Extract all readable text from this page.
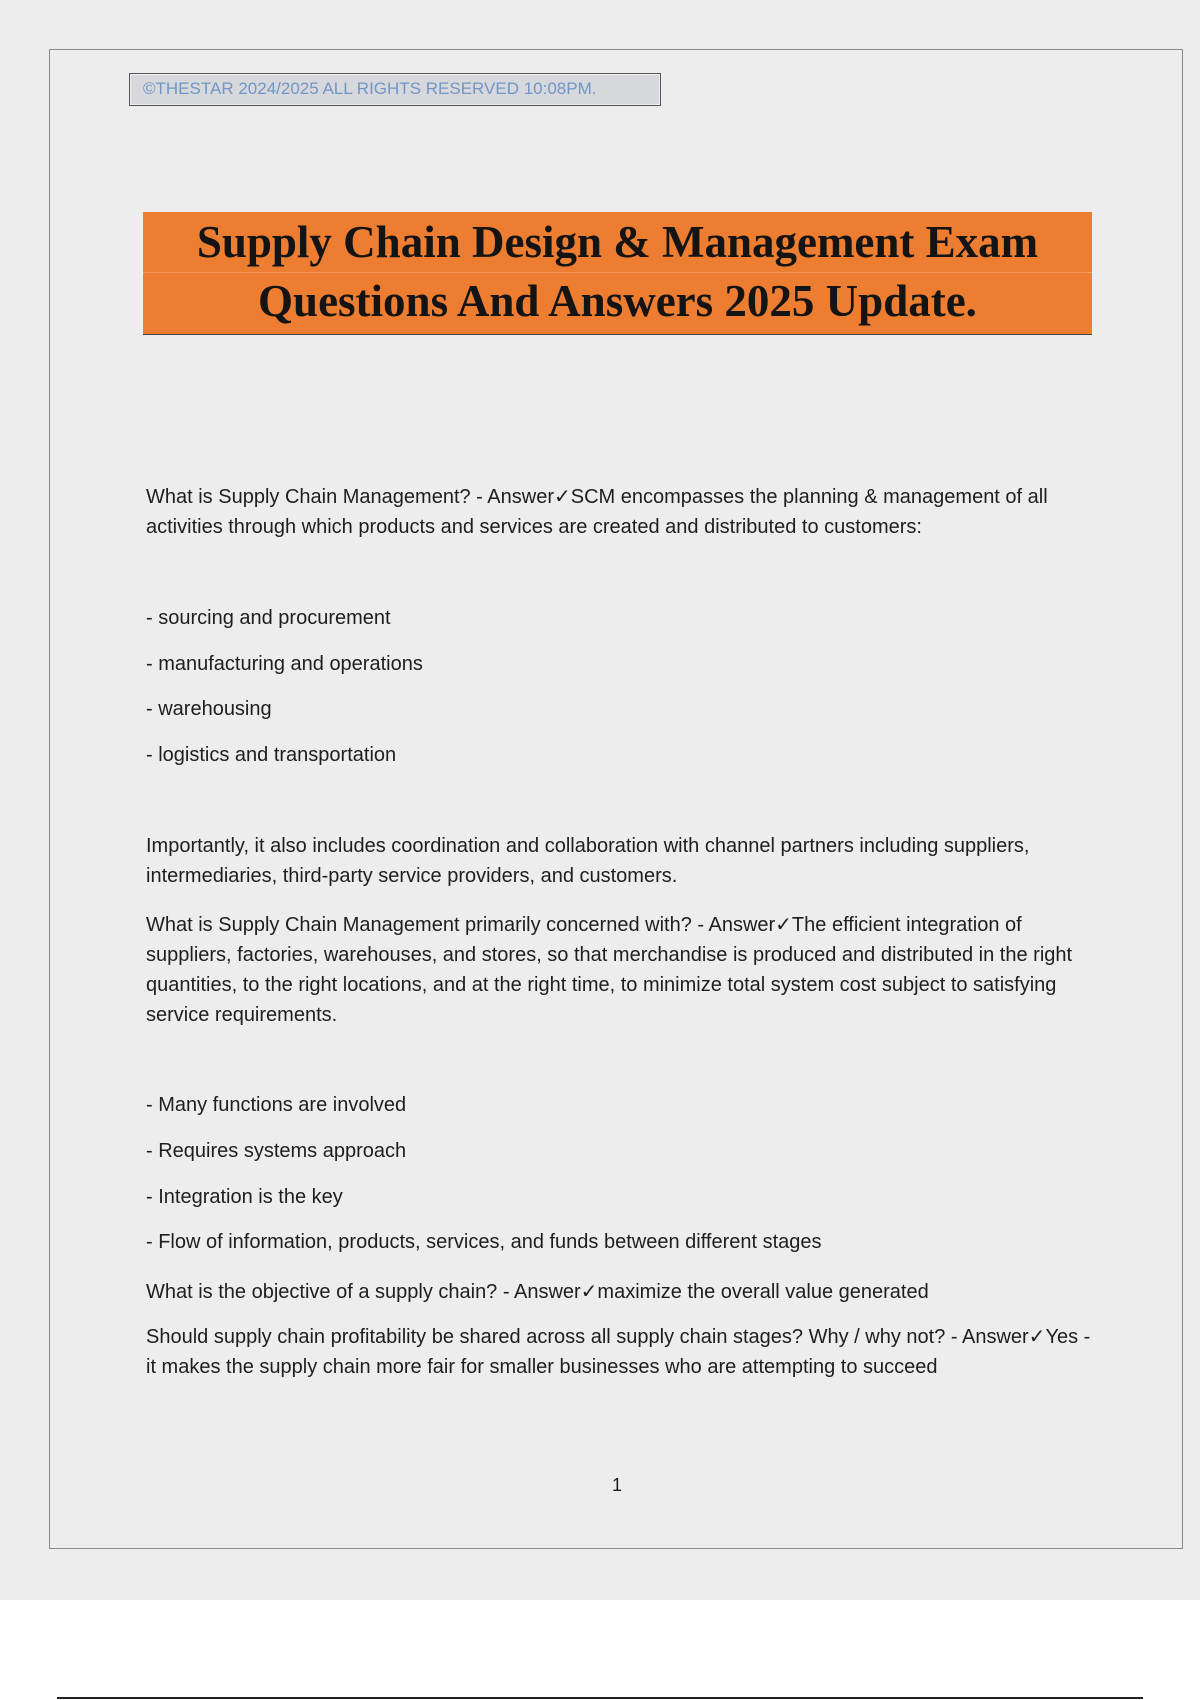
©THESTAR 2024/2025 ALL RIGHTS RESERVED 10:08PM.
Supply Chain Design & Management Exam
Questions And Answers 2025 Update.

What is Supply Chain Management? - Answer✓SCM encompasses the planning & management of all activities through which products and services are created and distributed to customers:

- sourcing and procurement
- manufacturing and operations
- warehousing
- logistics and transportation

Importantly, it also includes coordination and collaboration with channel partners including suppliers, intermediaries, third-party service providers, and customers.

What is Supply Chain Management primarily concerned with? - Answer✓The efficient integration of suppliers, factories, warehouses, and stores, so that merchandise is produced and distributed in the right quantities, to the right locations, and at the right time, to minimize total system cost subject to satisfying service requirements.

- Many functions are involved
- Requires systems approach
- Integration is the key
- Flow of information, products, services, and funds between different stages

What is the objective of a supply chain? - Answer✓maximize the overall value generated

Should supply chain profitability be shared across all supply chain stages? Why / why not? - Answer✓Yes - it makes the supply chain more fair for smaller businesses who are attempting to succeed

1
